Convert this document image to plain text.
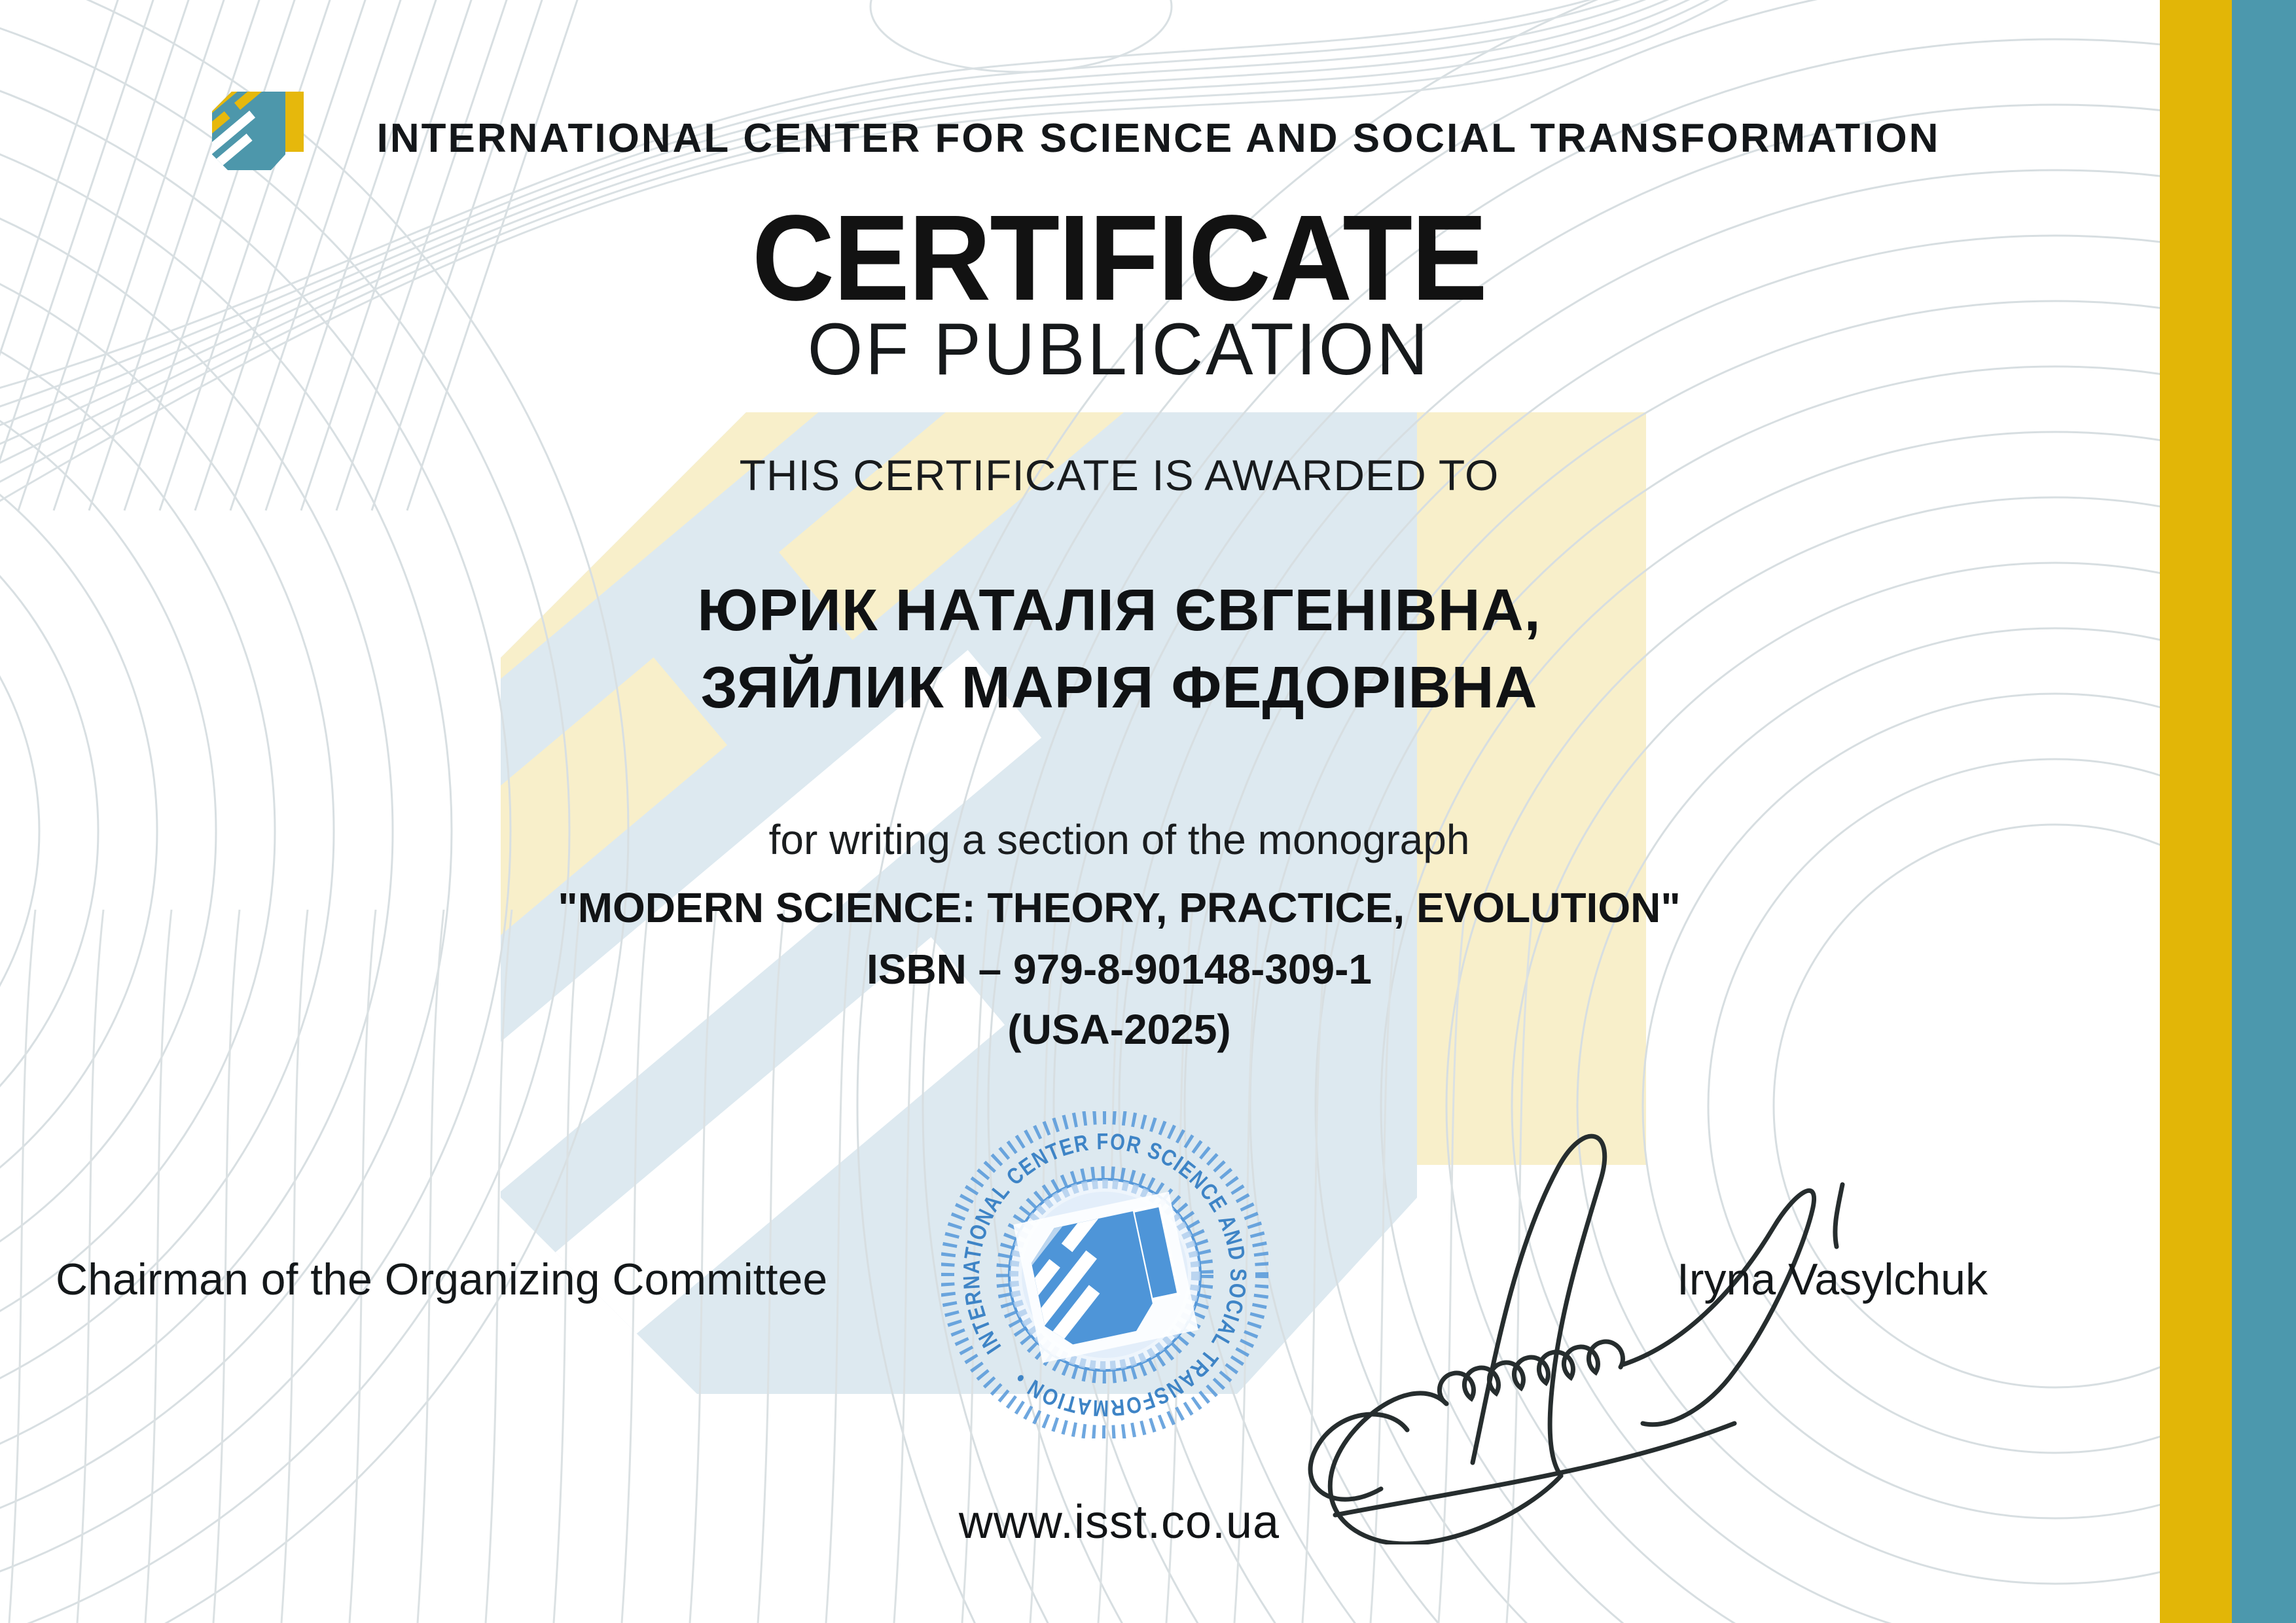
INTERNATIONAL CENTER FOR SCIENCE AND SOCIAL TRANSFORMATION
CERTIFICATE
OF PUBLICATION
THIS CERTIFICATE IS AWARDED TO
ЮРИК НАТАЛІЯ ЄВГЕНІВНА,
ЗЯЙЛИК МАРІЯ ФЕДОРІВНА
for writing a section of the monograph
"MODERN SCIENCE: THEORY, PRACTICE, EVOLUTION"
ISBN – 979-8-90148-309-1
(USA-2025)
Chairman of the Organizing Committee	Iryna Vasylchuk
INTERNATIONAL CENTER FOR SCIENCE AND SOCIAL TRANSFORMATION •
www.isst.co.ua
